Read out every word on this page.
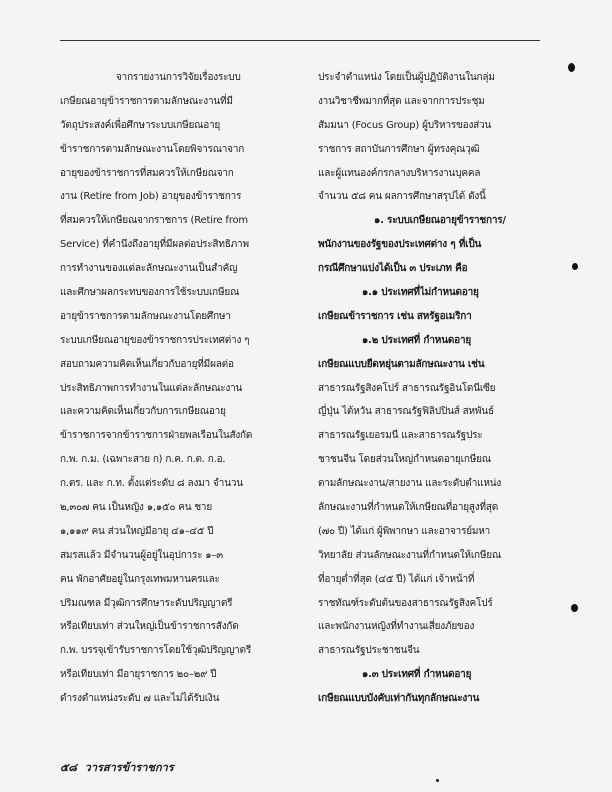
จากรายงานการวิจัยเรื่องระบบ
เกษียณอายุข้าราชการตามลักษณะงานที่มี
วัตถุประสงค์เพื่อศึกษาระบบเกษียณอายุ
ข้าราชการตามลักษณะงานโดยพิจารณาจาก
อายุของข้าราชการที่สมควรให้เกษียณจาก
งาน (Retire from Job) อายุของข้าราชการ
ที่สมควรให้เกษียณจากราชการ (Retire from
Service) ที่คำนึงถึงอายุที่มีผลต่อประสิทธิภาพ
การทำงานของแต่ละลักษณะงานเป็นสำคัญ
และศึกษาผลกระทบของการใช้ระบบเกษียณ
อายุข้าราชการตามลักษณะงานโดยศึกษา
ระบบเกษียณอายุของข้าราชการประเทศต่าง ๆ
สอบถามความคิดเห็นเกี่ยวกับอายุที่มีผลต่อ
ประสิทธิภาพการทำงานในแต่ละลักษณะงาน
และความคิดเห็นเกี่ยวกับการเกษียณอายุ
ข้าราชการจากข้าราชการฝ่ายพลเรือนในสังกัด
ก.พ. ก.ม. (เฉพาะสาย ก) ก.ค. ก.ต. ก.อ.
ก.ตร. และ ก.ท. ตั้งแต่ระดับ ๘ ลงมา จำนวน
๒,๓๐๗ คน เป็นหญิง ๑,๑๕๐ คน ชาย
๑,๑๑๙ คน ส่วนใหญ่มีอายุ ๔๑–๔๕ ปี
สมรสแล้ว มีจำนวนผู้อยู่ในอุปการะ ๑–๓
คน พักอาศัยอยู่ในกรุงเทพมหานครและ
ปริมณฑล มีวุฒิการศึกษาระดับปริญญาตรี
หรือเทียบเท่า ส่วนใหญ่เป็นข้าราชการสังกัด
ก.พ. บรรจุเข้ารับราชการโดยใช้วุฒิปริญญาตรี
หรือเทียบเท่า มีอายุราชการ ๒๐–๒๙ ปี
ดำรงตำแหน่งระดับ ๗ และไม่ได้รับเงิน
ประจำตำแหน่ง โดยเป็นผู้ปฏิบัติงานในกลุ่ม
งานวิชาชีพมากที่สุด และจากการประชุม
สัมมนา (Focus Group) ผู้บริหารของส่วน
ราชการ สถาบันการศึกษา ผู้ทรงคุณวุฒิ
และผู้แทนองค์กรกลางบริหารงานบุคคล
จำนวน ๕๘ คน ผลการศึกษาสรุปได้ ดังนี้
๑. ระบบเกษียณอายุข้าราชการ/
พนักงานของรัฐของประเทศต่าง ๆ ที่เป็น
กรณีศึกษาแบ่งได้เป็น ๓ ประเภท คือ
๑.๑ ประเทศที่ไม่กำหนดอายุ
เกษียณข้าราชการ เช่น สหรัฐอเมริกา
๑.๒ ประเทศที่ กำหนดอายุ
เกษียณแบบยืดหยุ่นตามลักษณะงาน เช่น
สาธารณรัฐสิงคโปร์ สาธารณรัฐอินโดนีเซีย
ญี่ปุ่น ไต้หวัน สาธารณรัฐฟิลิปปินส์ สหพันธ์
สาธารณรัฐเยอรมนี และสาธารณรัฐประ
ชาชนจีน โดยส่วนใหญ่กำหนดอายุเกษียณ
ตามลักษณะงาน/สายงาน และระดับตำแหน่ง
ลักษณะงานที่กำหนดให้เกษียณที่อายุสูงที่สุด
(๗๐ ปี) ได้แก่ ผู้พิพากษา และอาจารย์มหา
วิทยาลัย ส่วนลักษณะงานที่กำหนดให้เกษียณ
ที่อายุต่ำที่สุด (๔๕ ปี) ได้แก่ เจ้าหน้าที่
ราชทัณฑ์ระดับต้นของสาธารณรัฐสิงคโปร์
และพนักงานหญิงที่ทำงานเสี่ยงภัยของ
สาธารณรัฐประชาชนจีน
๑.๓ ประเทศที่ กำหนดอายุ
เกษียณแบบบังคับเท่ากันทุกลักษณะงาน
๕๘ วารสารข้าราชการ
